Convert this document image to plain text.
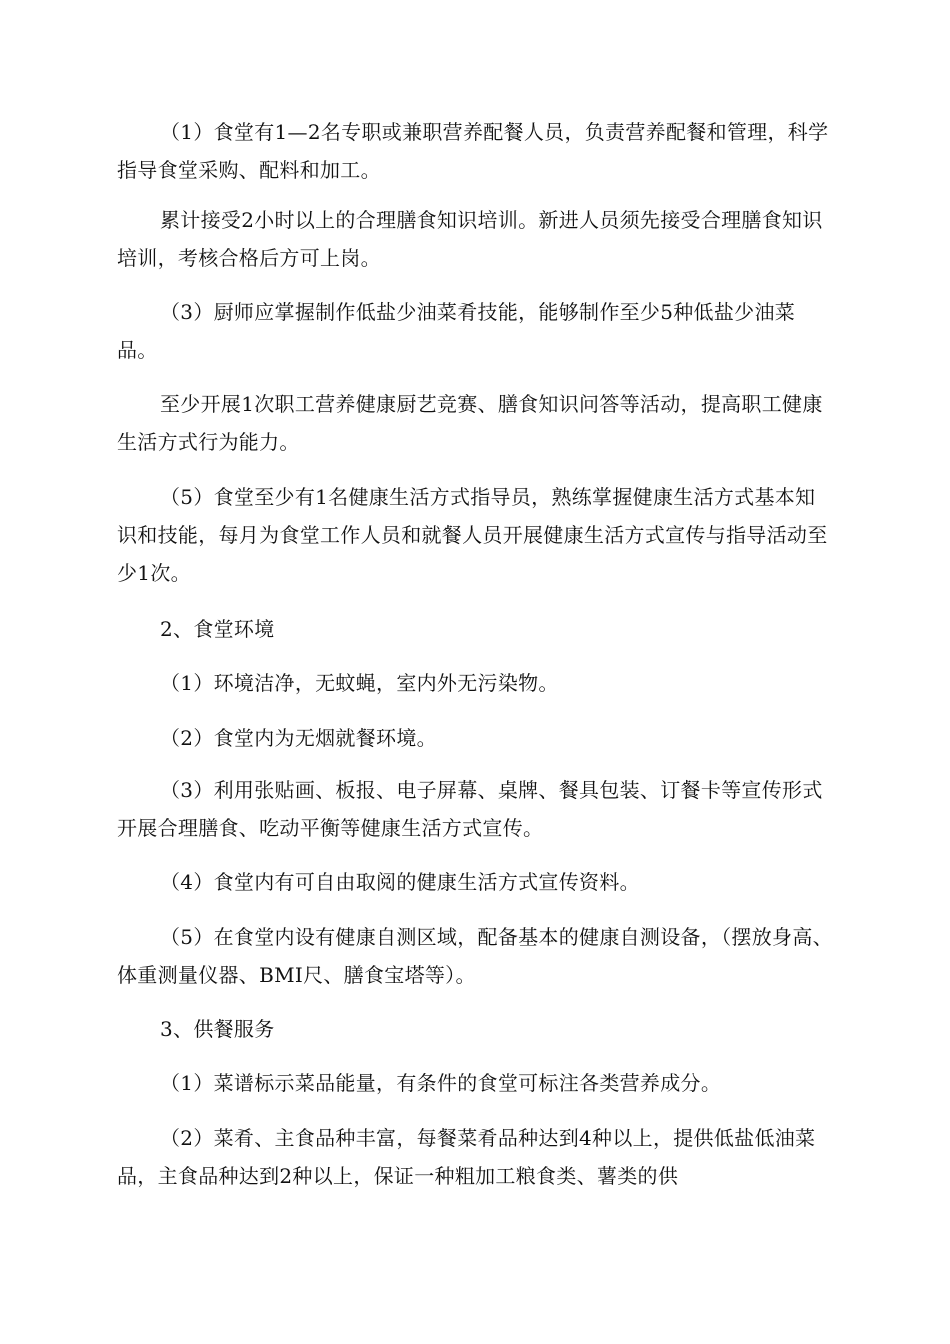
（1）食堂有1—2名专职或兼职营养配餐人员，负责营养配餐和管理，科学指导食堂采购、配料和加工。

累计接受2小时以上的合理膳食知识培训。新进人员须先接受合理膳食知识培训，考核合格后方可上岗。

（3）厨师应掌握制作低盐少油菜肴技能，能够制作至少5种低盐少油菜品。

至少开展1次职工营养健康厨艺竞赛、膳食知识问答等活动，提高职工健康生活方式行为能力。

（5）食堂至少有1名健康生活方式指导员，熟练掌握健康生活方式基本知识和技能，每月为食堂工作人员和就餐人员开展健康生活方式宣传与指导活动至少1次。

2、食堂环境

（1）环境洁净，无蚊蝇，室内外无污染物。

（2）食堂内为无烟就餐环境。

（3）利用张贴画、板报、电子屏幕、桌牌、餐具包装、订餐卡等宣传形式开展合理膳食、吃动平衡等健康生活方式宣传。

（4）食堂内有可自由取阅的健康生活方式宣传资料。

（5）在食堂内设有健康自测区域，配备基本的健康自测设备，（摆放身高、体重测量仪器、BMI尺、膳食宝塔等）。

3、供餐服务

（1）菜谱标示菜品能量，有条件的食堂可标注各类营养成分。

（2）菜肴、主食品种丰富，每餐菜肴品种达到4种以上，提供低盐低油菜品，主食品种达到2种以上，保证一种粗加工粮食类、薯类的供
